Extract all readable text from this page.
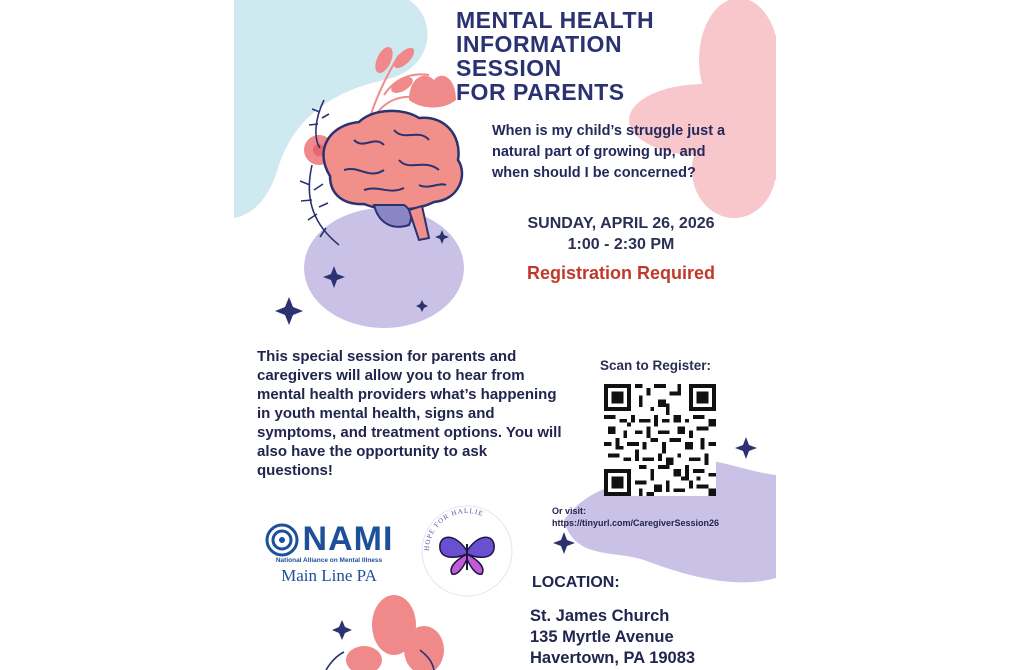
MENTAL HEALTH
INFORMATION
SESSION
FOR PARENTS

When is my child’s struggle just a natural part of growing up, and when should I be concerned?

SUNDAY, APRIL 26, 2026
1:00 - 2:30 PM
Registration Required

This special session for parents and caregivers will allow you to hear from mental health providers what’s happening in youth mental health, signs and symptoms, and treatment options. You will also have the opportunity to ask questions!

Scan to Register:
Or visit:
https://tinyurl.com/CaregiverSession26
NAMI
National Alliance on Mental Illness
Main Line PA
HOPE FOR HALLIE
LOCATION:
St. James Church
135 Myrtle Avenue
Havertown, PA 19083
